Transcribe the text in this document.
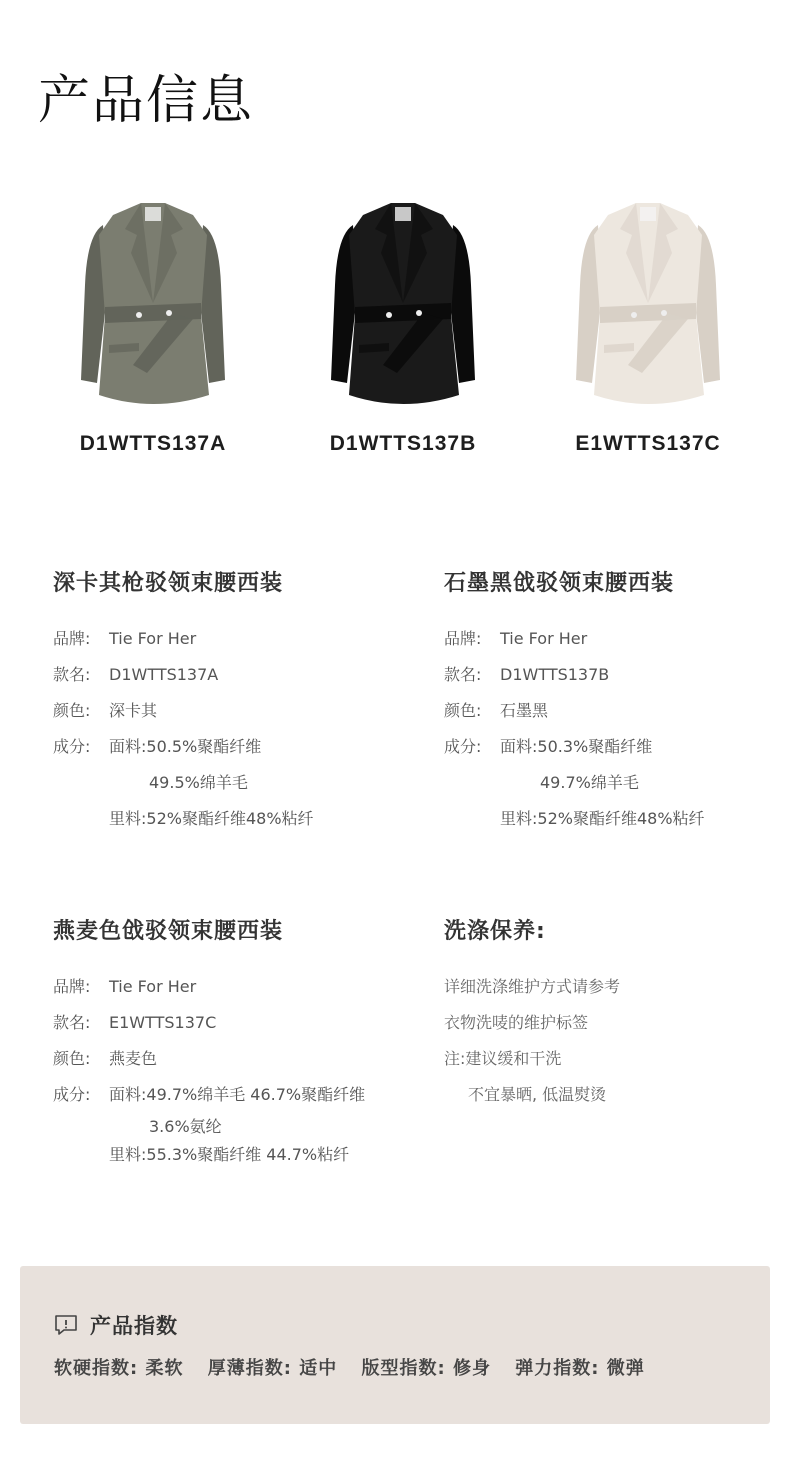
产品信息
D1WTTS137A	D1WTTS137B	E1WTTS137C
深卡其枪驳领束腰西装
品牌: Tie For Her
款名: D1WTTS137A
颜色: 深卡其
成分: 面料:50.5%聚酯纤维
49.5%绵羊毛
里料:52%聚酯纤维48%粘纤
石墨黑戗驳领束腰西装
品牌: Tie For Her
款名: D1WTTS137B
颜色: 石墨黑
成分: 面料:50.3%聚酯纤维
49.7%绵羊毛
里料:52%聚酯纤维48%粘纤
燕麦色戗驳领束腰西装
品牌: Tie For Her
款名: E1WTTS137C
颜色: 燕麦色
成分: 面料:49.7%绵羊毛 46.7%聚酯纤维
3.6%氨纶
里料:55.3%聚酯纤维 44.7%粘纤
洗涤保养:
详细洗涤维护方式请参考
衣物洗唛的维护标签
注:建议缓和干洗
不宜暴晒, 低温熨烫
产品指数
软硬指数: 柔软 厚薄指数: 适中 版型指数: 修身 弹力指数: 微弹
